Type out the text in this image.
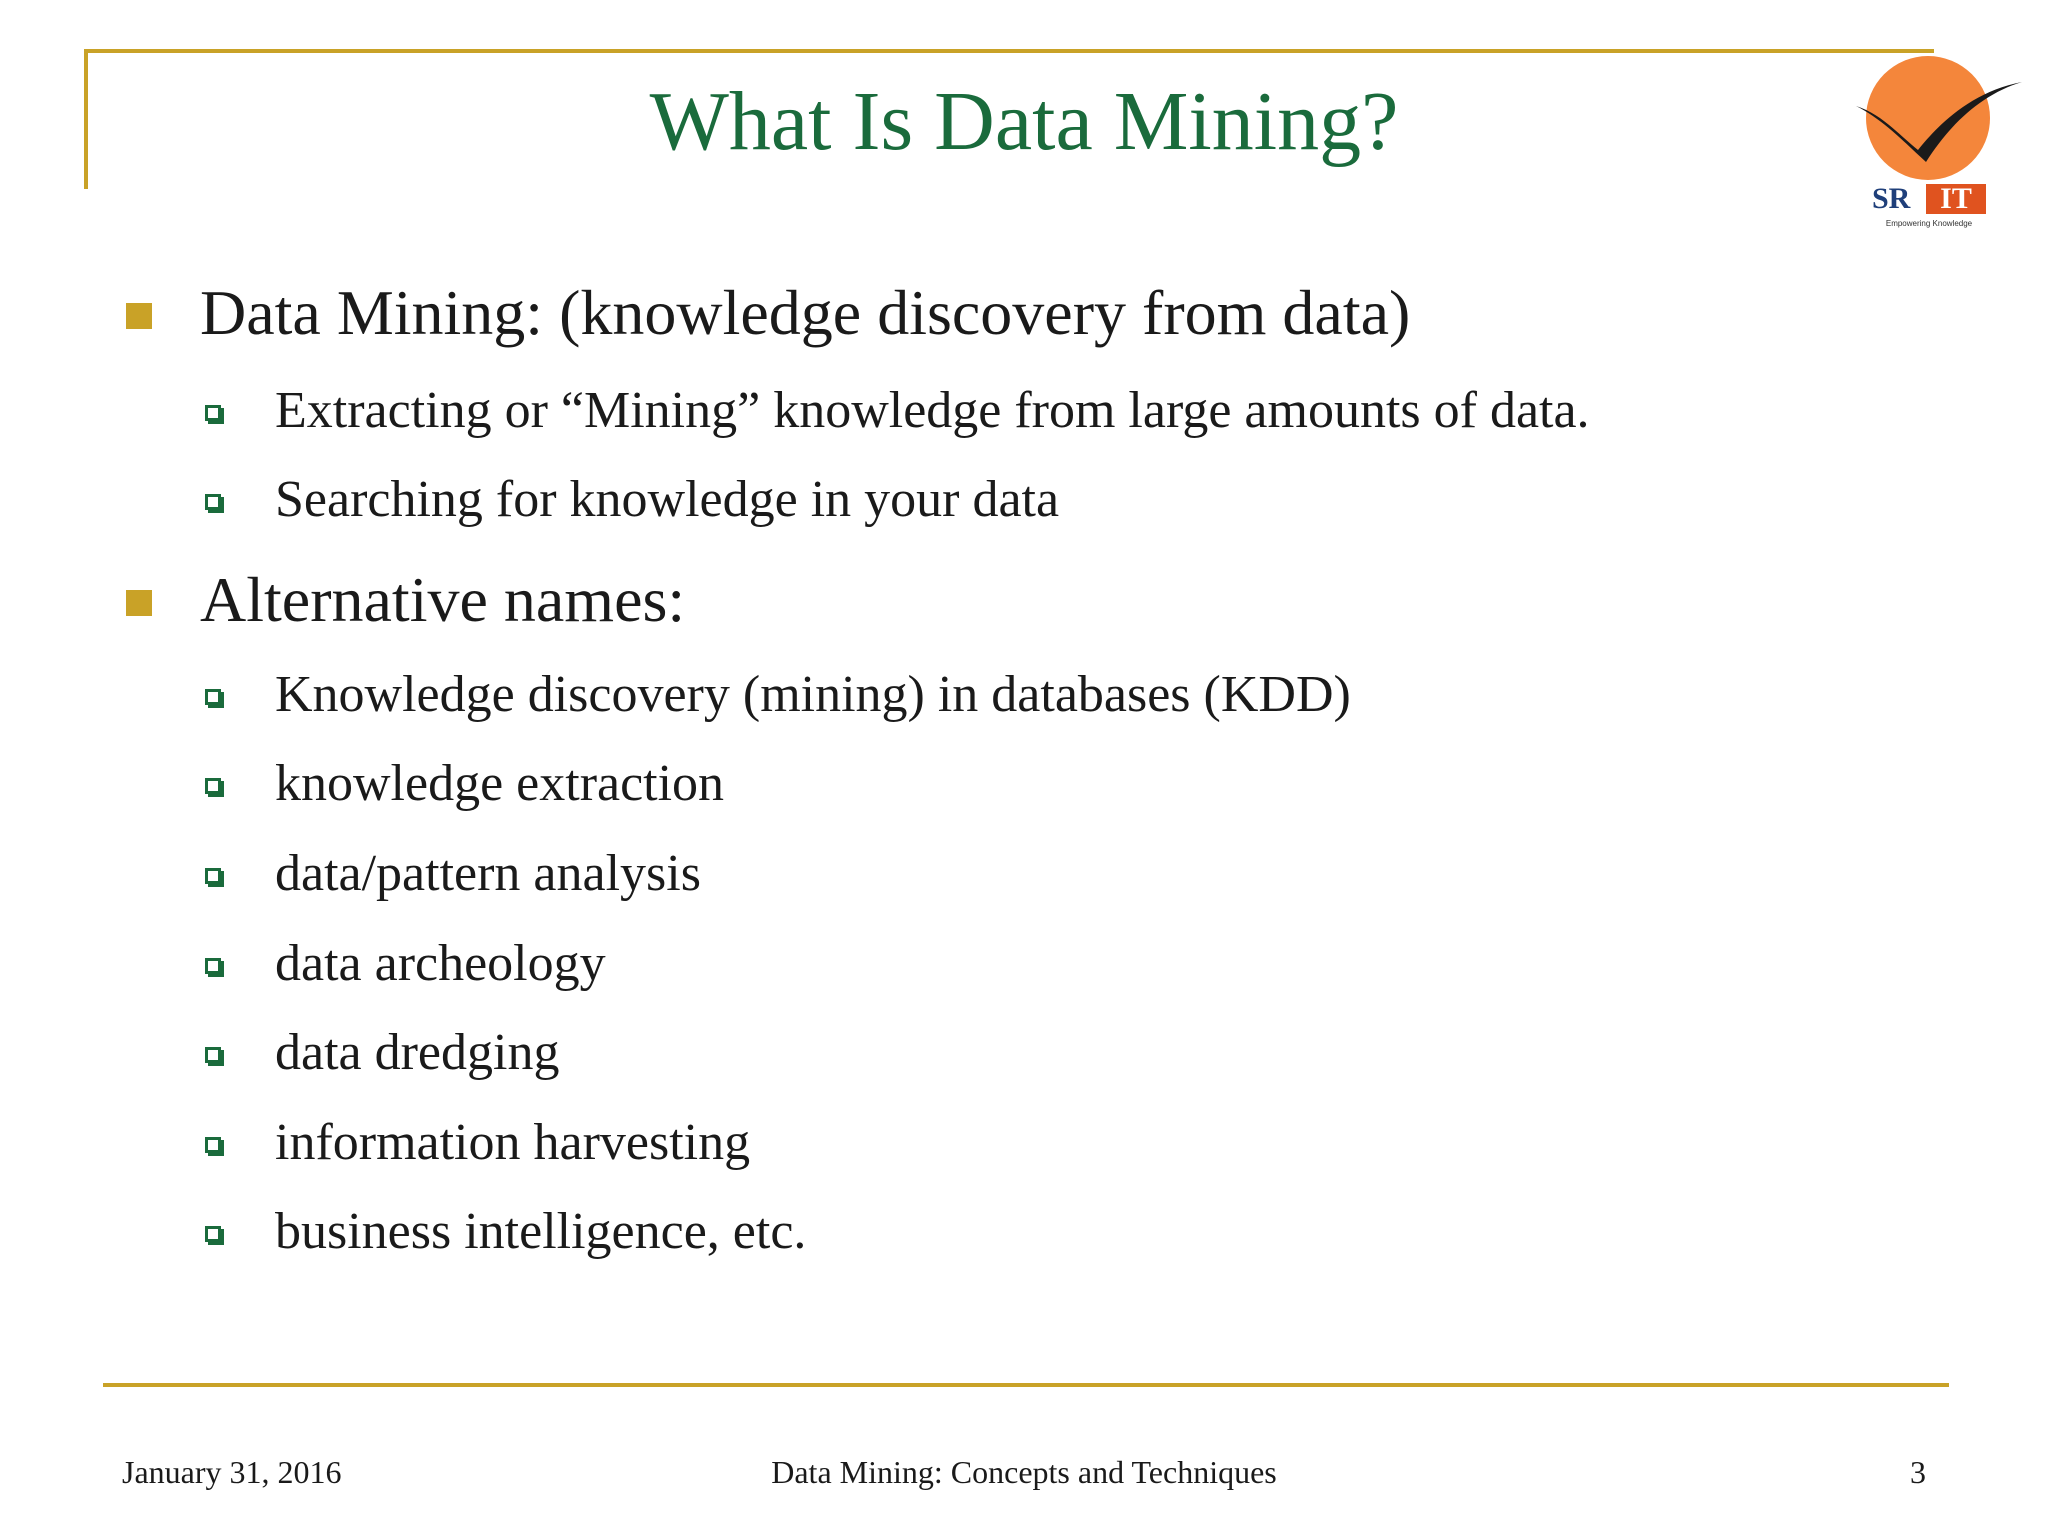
What Is Data Mining?
SR IT
Empowering Knowledge
Data Mining: (knowledge discovery from data)
Extracting or “Mining” knowledge from large amounts of data.
Searching for knowledge in your data
Alternative names:
Knowledge discovery (mining) in databases (KDD)
knowledge extraction
data/pattern analysis
data archeology
data dredging
information harvesting
business intelligence, etc.
January 31, 2016	Data Mining: Concepts and Techniques	3
